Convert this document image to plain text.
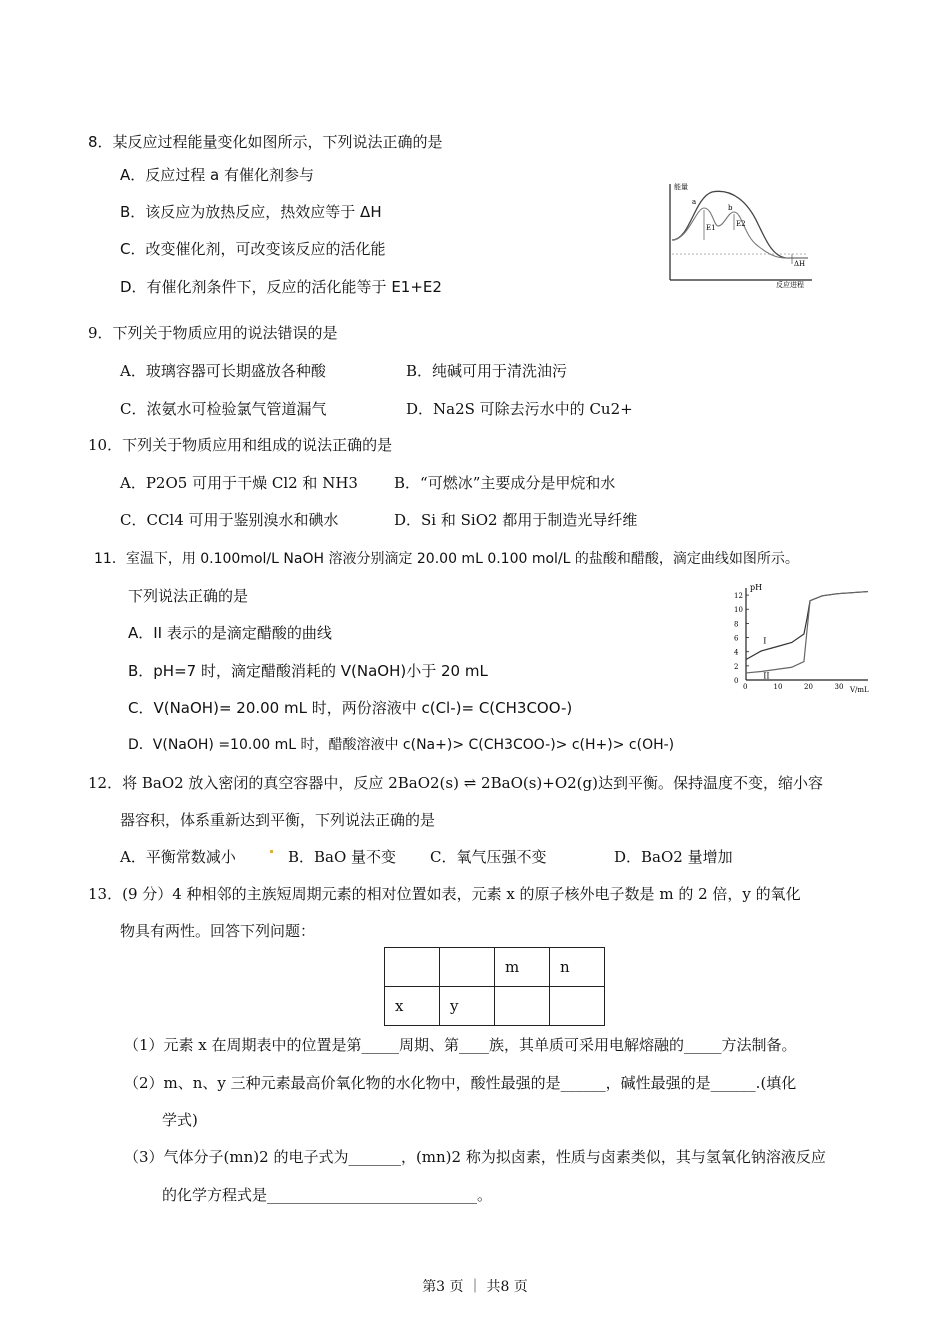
8．某反应过程能量变化如图所示，下列说法正确的是
A．反应过程 a 有催化剂参与
B．该反应为放热反应，热效应等于 ΔH
C．改变催化剂，可改变该反应的活化能
D．有催化剂条件下，反应的活化能等于 E1+E2
能量
反应进程
a
b
E1	E2
ΔH
9．下列关于物质应用的说法错误的是
A．玻璃容器可长期盛放各种酸	B．纯碱可用于清洗油污
C．浓氨水可检验氯气管道漏气	D．Na2S 可除去污水中的 Cu2+
10．下列关于物质应用和组成的说法正确的是
A．P2O5 可用于干燥 Cl2 和 NH3 B．“可燃冰”主要成分是甲烷和水
C．CCl4 可用于鉴别溴水和碘水	D．Si 和 SiO2 都用于制造光导纤维
11．室温下，用 0.100mol/L NaOH 溶液分别滴定 20.00 mL 0.100 mol/L 的盐酸和醋酸，滴定曲线如图所示。
下列说法正确的是
A．II 表示的是滴定醋酸的曲线
B．pH=7 时，滴定醋酸消耗的 V(NaOH)小于 20 mL
C．V(NaOH)= 20.00 mL 时，两份溶液中 c(Cl-)= C(CH3COO-)
D．V(NaOH) =10.00 mL 时，醋酸溶液中 c(Na+)> C(CH3COO-)> c(H+)> c(OH-)
pH
V/mL
0	10	20	30
0
2
4
6
8
10
12
I
II
12．将 BaO2 放入密闭的真空容器中，反应 2BaO2(s) ⇌ 2BaO(s)+O2(g)达到平衡。保持温度不变，缩小容
器容积，体系重新达到平衡，下列说法正确的是
A．平衡常数减小	B．BaO 量不变 C．氧气压强不变	D．BaO2 量增加
13．(9 分）4 种相邻的主族短周期元素的相对位置如表，元素 x 的原子核外电子数是 m 的 2 倍，y 的氧化
物具有两性。回答下列问题：
		m	n
x	y		
（1）元素 x 在周期表中的位置是第_____周期、第____族，其单质可采用电解熔融的_____方法制备。
（2）m、n、y 三种元素最高价氧化物的水化物中，酸性最强的是______，碱性最强的是______.(填化
学式)
（3）气体分子(mn)2 的电子式为_______，(mn)2 称为拟卤素，性质与卤素类似，其与氢氧化钠溶液反应
的化学方程式是____________________________。
第3 页 ｜ 共8 页
